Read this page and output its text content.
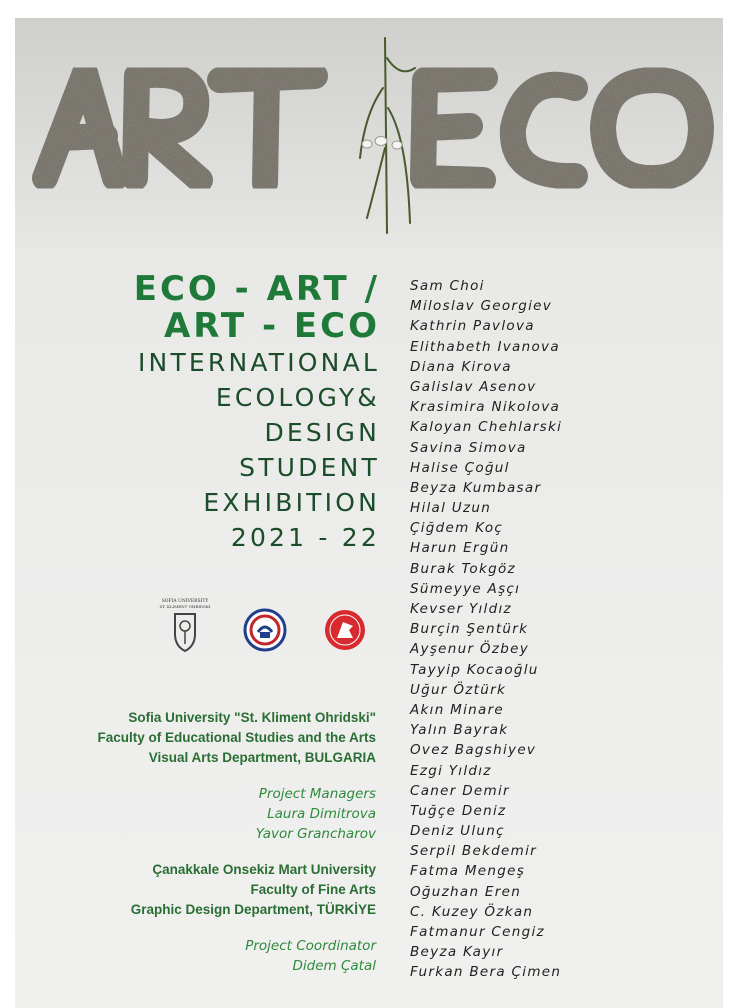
ECO - ART /
ART - ECO
INTERNATIONAL
ECOLOGY&
DESIGN
STUDENT
EXHIBITION
2021 - 22
SOFIA UNIVERSITY
ST. KLIMENT OHRIDSKI
Sofia University "St. Kliment Ohridski"
Faculty of Educational Studies and the Arts
Visual Arts Department, BULGARIA
Project Managers
Laura Dimitrova
Yavor Grancharov
Çanakkale Onsekiz Mart University
Faculty of Fine Arts
Graphic Design Department, TÜRKİYE
Project Coordinator
Didem Çatal
Sam Choi
Miloslav Georgiev
Kathrin Pavlova
Elithabeth Ivanova
Diana Kirova
Galislav Asenov
Krasimira Nikolova
Kaloyan Chehlarski
Savina Simova
Halise Çoğul
Beyza Kumbasar
Hilal Uzun
Çiğdem Koç
Harun Ergün
Burak Tokgöz
Sümeyye Aşçı
Kevser Yıldız
Burçin Şentürk
Ayşenur Özbey
Tayyip Kocaoğlu
Uğur Öztürk
Akın Minare
Yalın Bayrak
Ovez Bagshiyev
Ezgi Yıldız
Caner Demir
Tuğçe Deniz
Deniz Ulunç
Serpil Bekdemir
Fatma Mengeş
Oğuzhan Eren
C. Kuzey Özkan
Fatmanur Cengiz
Beyza Kayır
Furkan Bera Çimen
